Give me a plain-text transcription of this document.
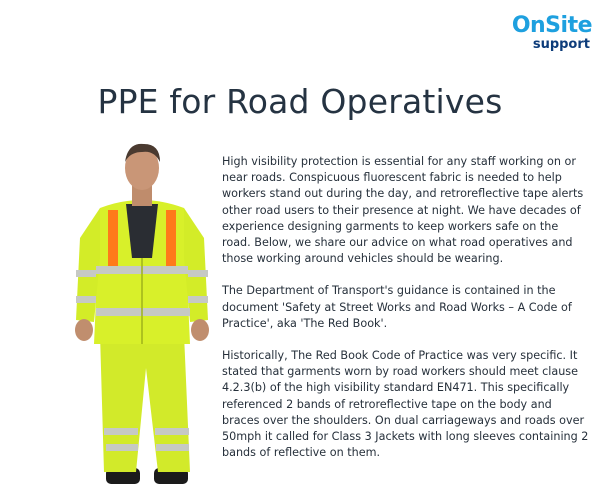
OnSite
support
PPE for Road Operatives

High visibility protection is essential for any staff working on or near roads. Conspicuous fluorescent fabric is needed to help workers stand out during the day, and retroreflective tape alerts other road users to their presence at night. We have decades of experience designing garments to keep workers safe on the road. Below, we share our advice on what road operatives and those working around vehicles should be wearing.

The Department of Transport's guidance is contained in the document 'Safety at Street Works and Road Works – A Code of Practice', aka 'The Red Book'.

Historically, The Red Book Code of Practice was very specific. It stated that garments worn by road workers should meet clause 4.2.3(b) of the high visibility standard EN471. This specifically referenced 2 bands of retroreflective tape on the body and braces over the shoulders. On dual carriageways and roads over 50mph it called for Class 3 Jackets with long sleeves containing 2 bands of reflective on them.
